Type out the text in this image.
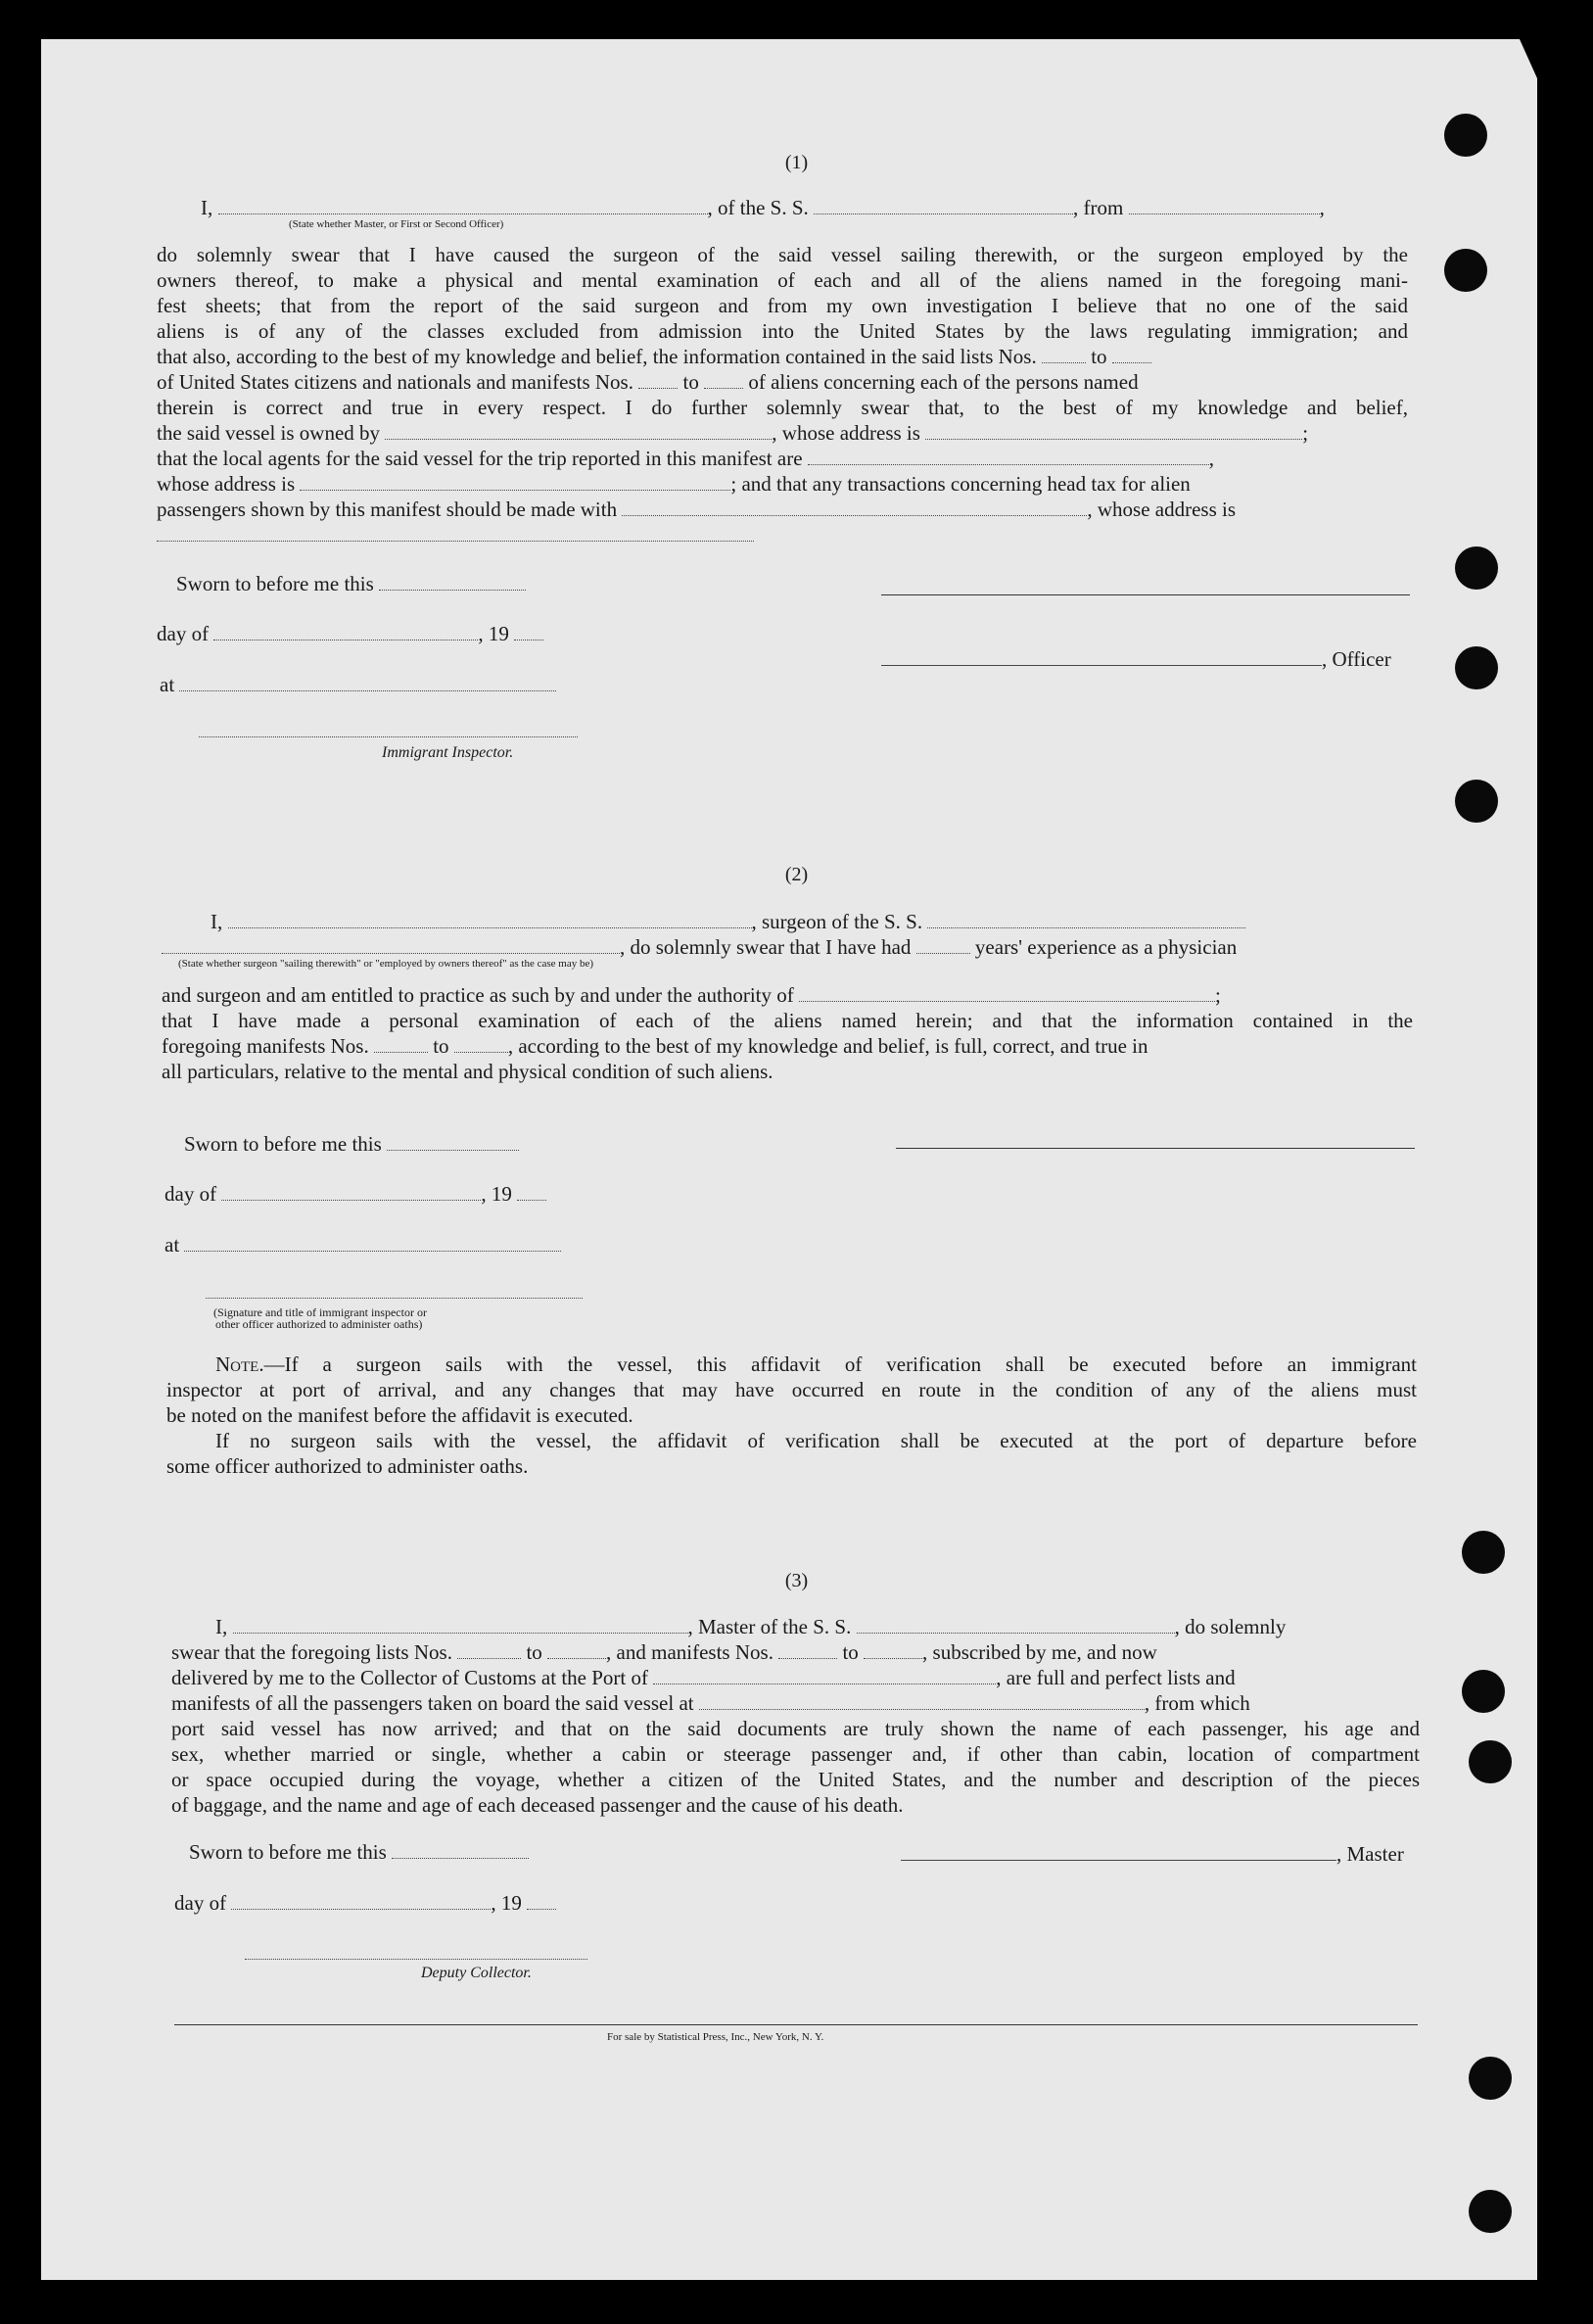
(1)
I,	, of the S. S.	, from	,
(State whether Master, or First or Second Officer)
do solemnly swear that I have caused the surgeon of the said vessel sailing therewith, or the surgeon employed by the
owners thereof, to make a physical and mental examination of each and all of the aliens named in the foregoing mani-
fest sheets; that from the report of the said surgeon and from my own investigation I believe that no one of the said
aliens is of any of the classes excluded from admission into the United States by the laws regulating immigration; and
that also, according to the best of my knowledge and belief, the information contained in the said lists Nos.	to
of United States citizens and nationals and manifests Nos. to of aliens concerning each of the persons named
therein is correct and true in every respect. I do further solemnly swear that, to the best of my knowledge and belief,
the said vessel is owned by	, whose address is	;
that the local agents for the said vessel for the trip reported in this manifest are	,
whose address is	; and that any transactions concerning head tax for alien
passengers shown by this manifest should be made with	, whose address is
Sworn to before me this
day of	, 19
, Officer
at
Immigrant Inspector.
(2)
I,	, surgeon of the S. S.
, do solemnly swear that I have had	years' experience as a physician
(State whether surgeon "sailing therewith" or "employed by owners thereof" as the case may be)
and surgeon and am entitled to practice as such by and under the authority of	;
that I have made a personal examination of each of the aliens named herein; and that the information contained in the
foregoing manifests Nos.	to	, according to the best of my knowledge and belief, is full, correct, and true in
all particulars, relative to the mental and physical condition of such aliens.
Sworn to before me this
day of	, 19
at
(Signature and title of immigrant inspector or
other officer authorized to administer oaths)
Note.—If a surgeon sails with the vessel, this affidavit of verification shall be executed before an immigrant
inspector at port of arrival, and any changes that may have occurred en route in the condition of any of the aliens must
be noted on the manifest before the affidavit is executed.
If no surgeon sails with the vessel, the affidavit of verification shall be executed at the port of departure before
some officer authorized to administer oaths.
(3)
I,	, Master of the S. S.	, do solemnly
swear that the foregoing lists Nos.	to	, and manifests Nos.	to	, subscribed by me, and now
delivered by me to the Collector of Customs at the Port of	, are full and perfect lists and
manifests of all the passengers taken on board the said vessel at	, from which
port said vessel has now arrived; and that on the said documents are truly shown the name of each passenger, his age and
sex, whether married or single, whether a cabin or steerage passenger and, if other than cabin, location of compartment
or space occupied during the voyage, whether a citizen of the United States, and the number and description of the pieces
of baggage, and the name and age of each deceased passenger and the cause of his death.
Sworn to before me this	, Master
day of	, 19
Deputy Collector.
For sale by Statistical Press, Inc., New York, N. Y.
